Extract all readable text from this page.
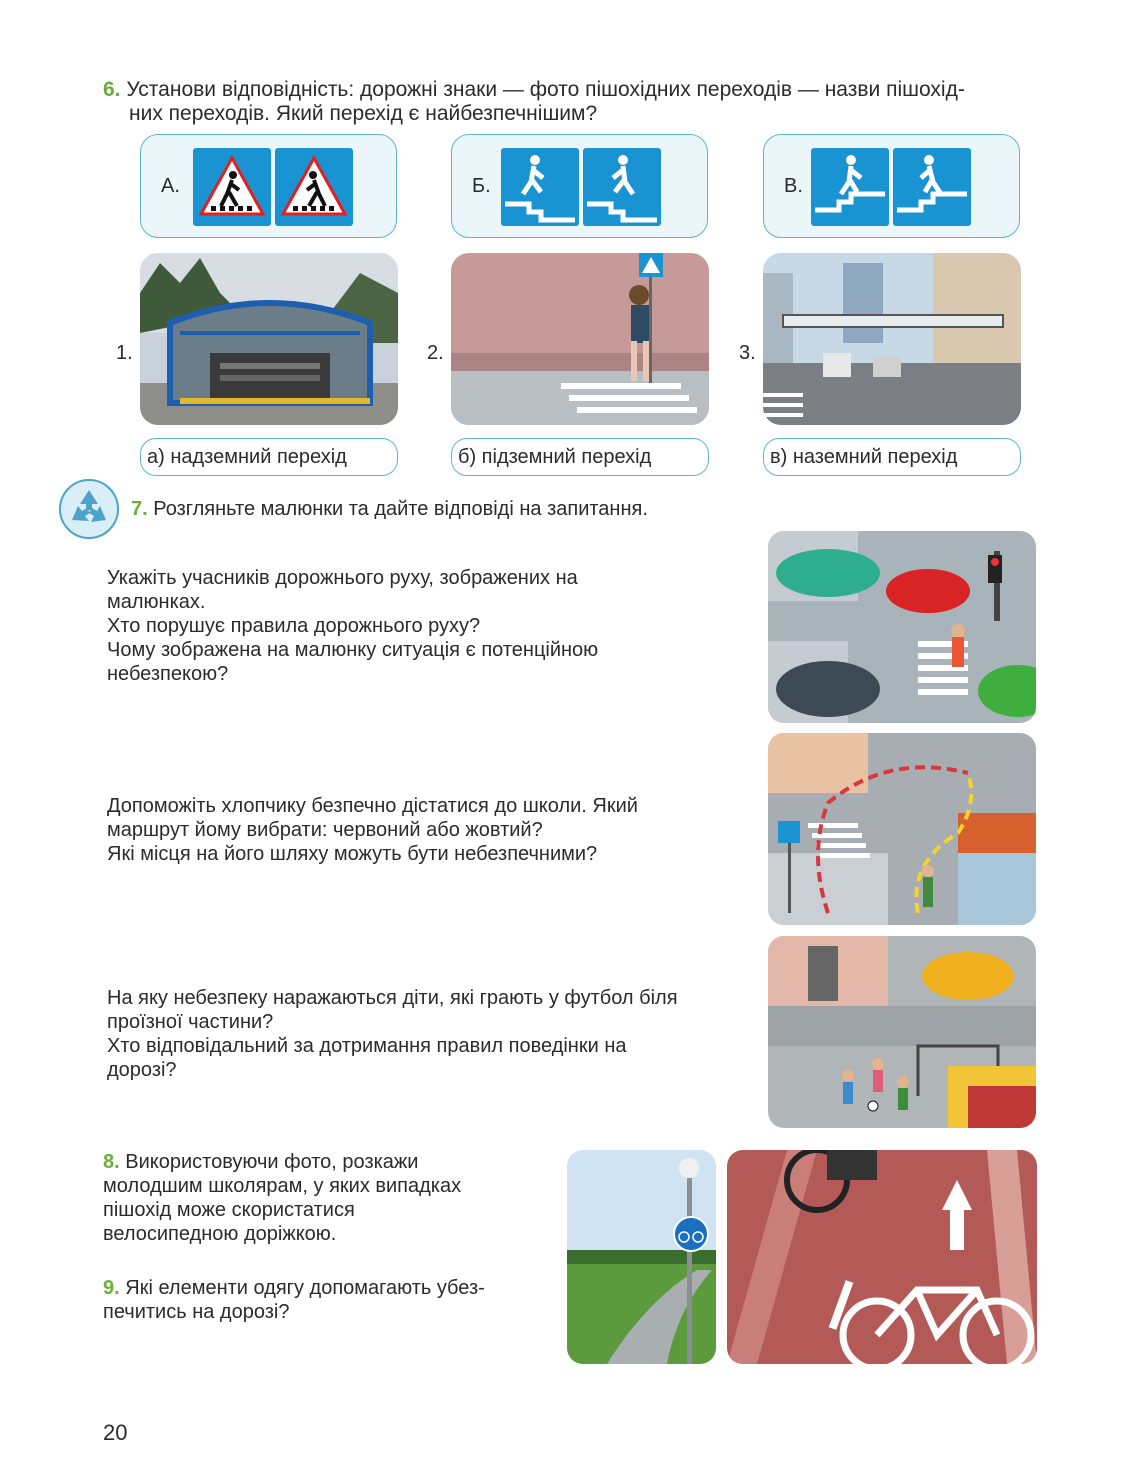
6. Установи відповідність: дорожні знаки — фото пішохідних переходів — назви пішохід-
них переходів. Який перехід є найбезпечнішим?
А.	Б.	В.
1.	2.	3.
а) надземний перехід	б) підземний перехід	в) наземний перехід
7. Розгляньте малюнки та дайте відповіді на запитання.

Укажіть учасників дорожнього руху, зображених на

малюнках.

Хто порушує правила дорожнього руху?

Чому зображена на малюнку ситуація є потенційною

небезпекою?

Допоможіть хлопчику безпечно дістатися до школи. Який

маршрут йому вибрати: червоний або жовтий?

Які місця на його шляху можуть бути небезпечними?

На яку небезпеку наражаються діти, які грають у футбол біля

проїзної частини?

Хто відповідальний за дотримання правил поведінки на

дорозі?

8. Використовуючи фото, розкажи
молодшим школярам, у яких випадках
пішохід може скористатися
велосипедною доріжкою.
9. Які елементи одягу допомагають убез-
печитись на дорозі?
20
